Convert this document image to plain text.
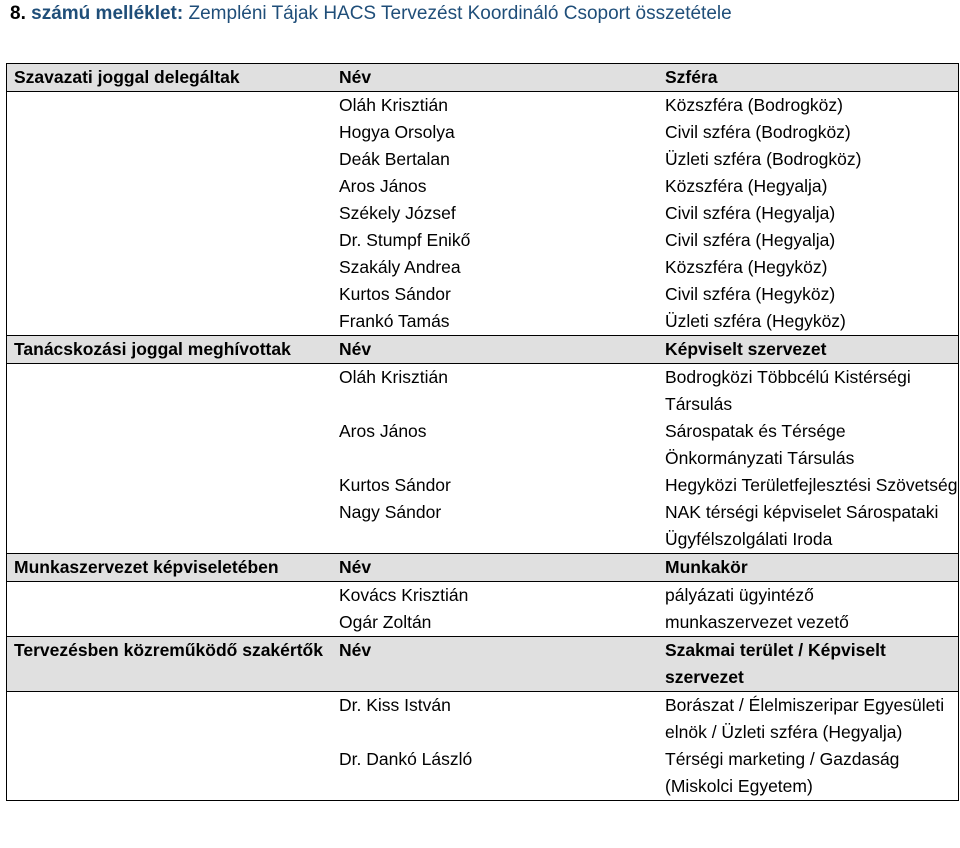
8. számú melléklet: Zempléni Tájak HACS Tervezést Koordináló Csoport összetétele
Szavazati joggal delegáltak	Név	Szféra
	Oláh Krisztián	Közszféra (Bodrogköz)
	Hogya Orsolya	Civil szféra (Bodrogköz)
	Deák Bertalan	Üzleti szféra (Bodrogköz)
	Aros János	Közszféra (Hegyalja)
	Székely József	Civil szféra (Hegyalja)
	Dr. Stumpf Enikő	Civil szféra (Hegyalja)
	Szakály Andrea	Közszféra (Hegyköz)
	Kurtos Sándor	Civil szféra (Hegyköz)
	Frankó Tamás	Üzleti szféra (Hegyköz)
Tanácskozási joggal meghívottak	Név	Képviselt szervezet
	Oláh Krisztián	Bodrogközi Többcélú Kistérségi Társulás
	Aros János	Sárospatak és Térsége Önkormányzati Társulás
	Kurtos Sándor	Hegyközi Területfejlesztési Szövetség
	Nagy Sándor	NAK térségi képviselet Sárospataki Ügyfélszolgálati Iroda
Munkaszervezet képviseletében	Név	Munkakör
	Kovács Krisztián	pályázati ügyintéző
	Ogár Zoltán	munkaszervezet vezető
Tervezésben közreműködő szakértők	Név	Szakmai terület / Képviselt szervezet
	Dr. Kiss István	Borászat / Élelmiszeripar Egyesületi elnök / Üzleti szféra (Hegyalja)
	Dr. Dankó László	Térségi marketing / Gazdaság (Miskolci Egyetem)
